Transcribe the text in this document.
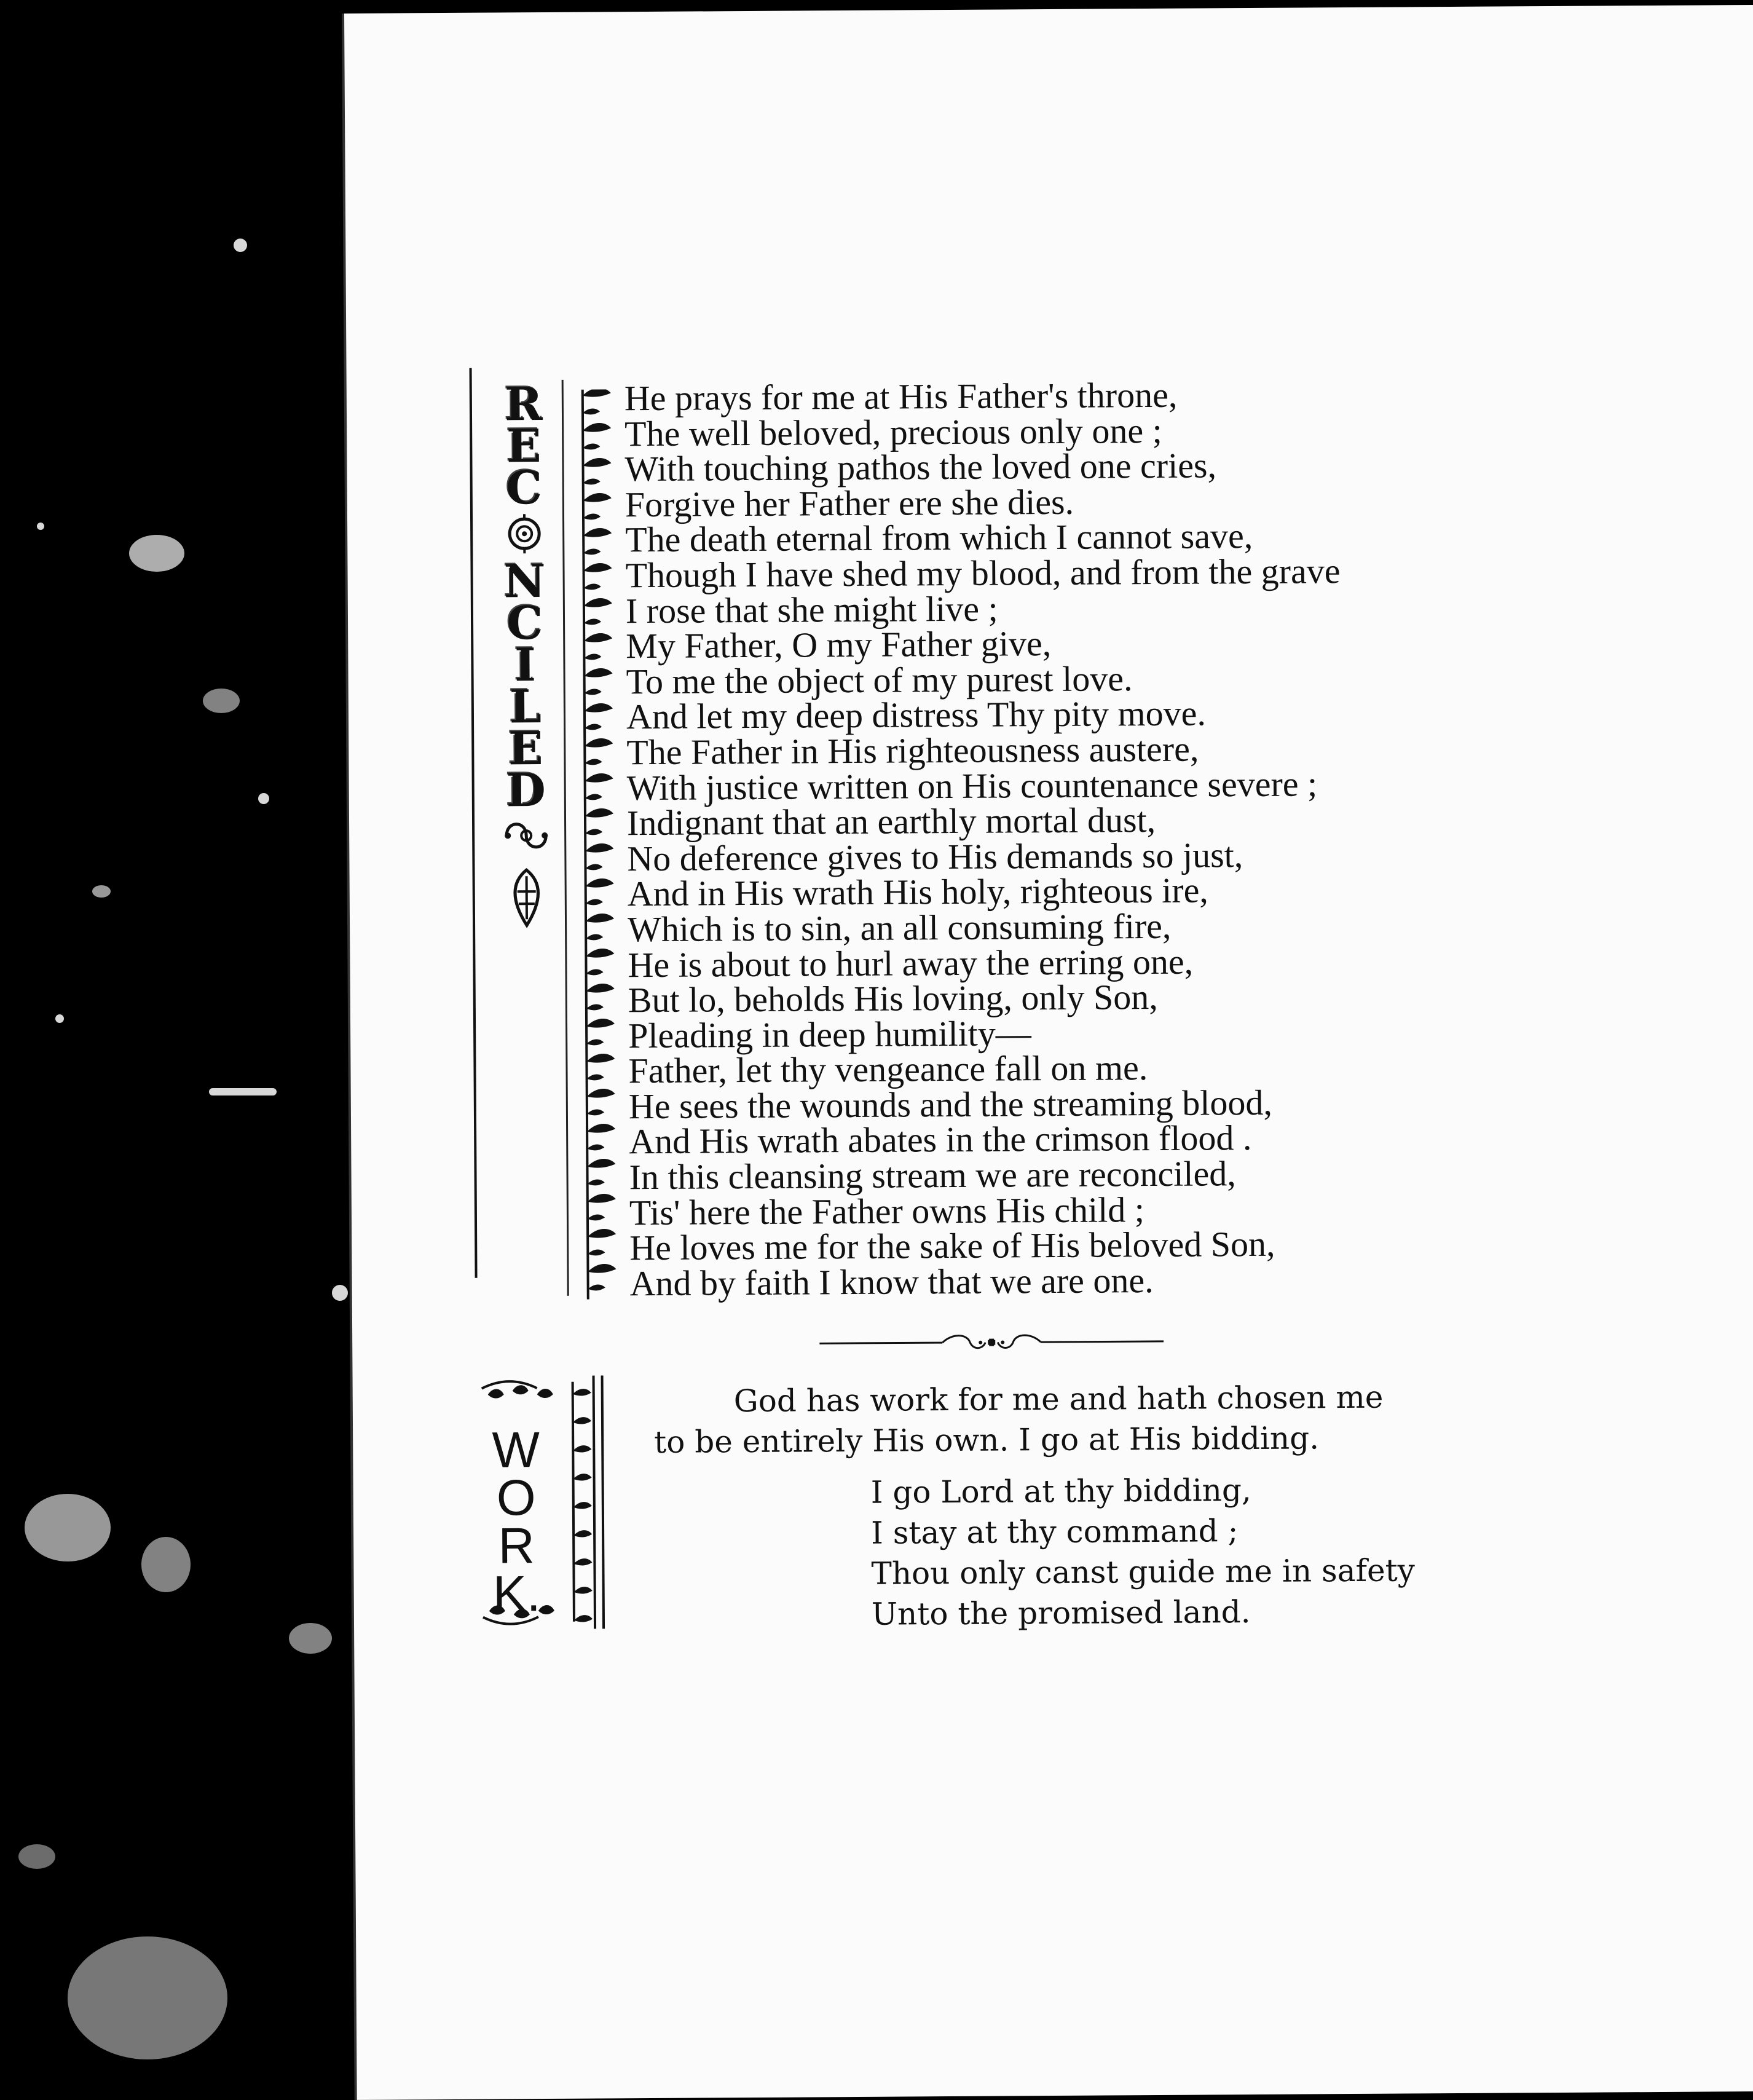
R
E
C
N
C
I
L
E
D
He prays for me at His Father's throne,
The well beloved, precious only one ;
With touching pathos the loved one cries,
Forgive her Father ere she dies.
The death eternal from which I cannot save,
Though I have shed my blood, and from the grave
I rose that she might live ;
My Father, O my Father give,
To me the object of my purest love.
And let my deep distress Thy pity move.
The Father in His righteousness austere,
With justice written on His countenance severe ;
Indignant that an earthly mortal dust,
No deference gives to His demands so just,
And in His wrath His holy, righteous ire,
Which is to sin, an all consuming fire,
He is about to hurl away the erring one,
But lo, beholds His loving, only Son,
Pleading in deep humility—
Father, let thy vengeance fall on me.
He sees the wounds and the streaming blood,
And His wrath abates in the crimson flood .
In this cleansing stream we are reconciled,
Tis' here the Father owns His child ;
He loves me for the sake of His beloved Son,
And by faith I know that we are one.
W
O
R
K.
God has work for me and hath chosen me
to be entirely His own. I go at His bidding.
I go Lord at thy bidding,
I stay at thy command ;
Thou only canst guide me in safety
Unto the promised land.
